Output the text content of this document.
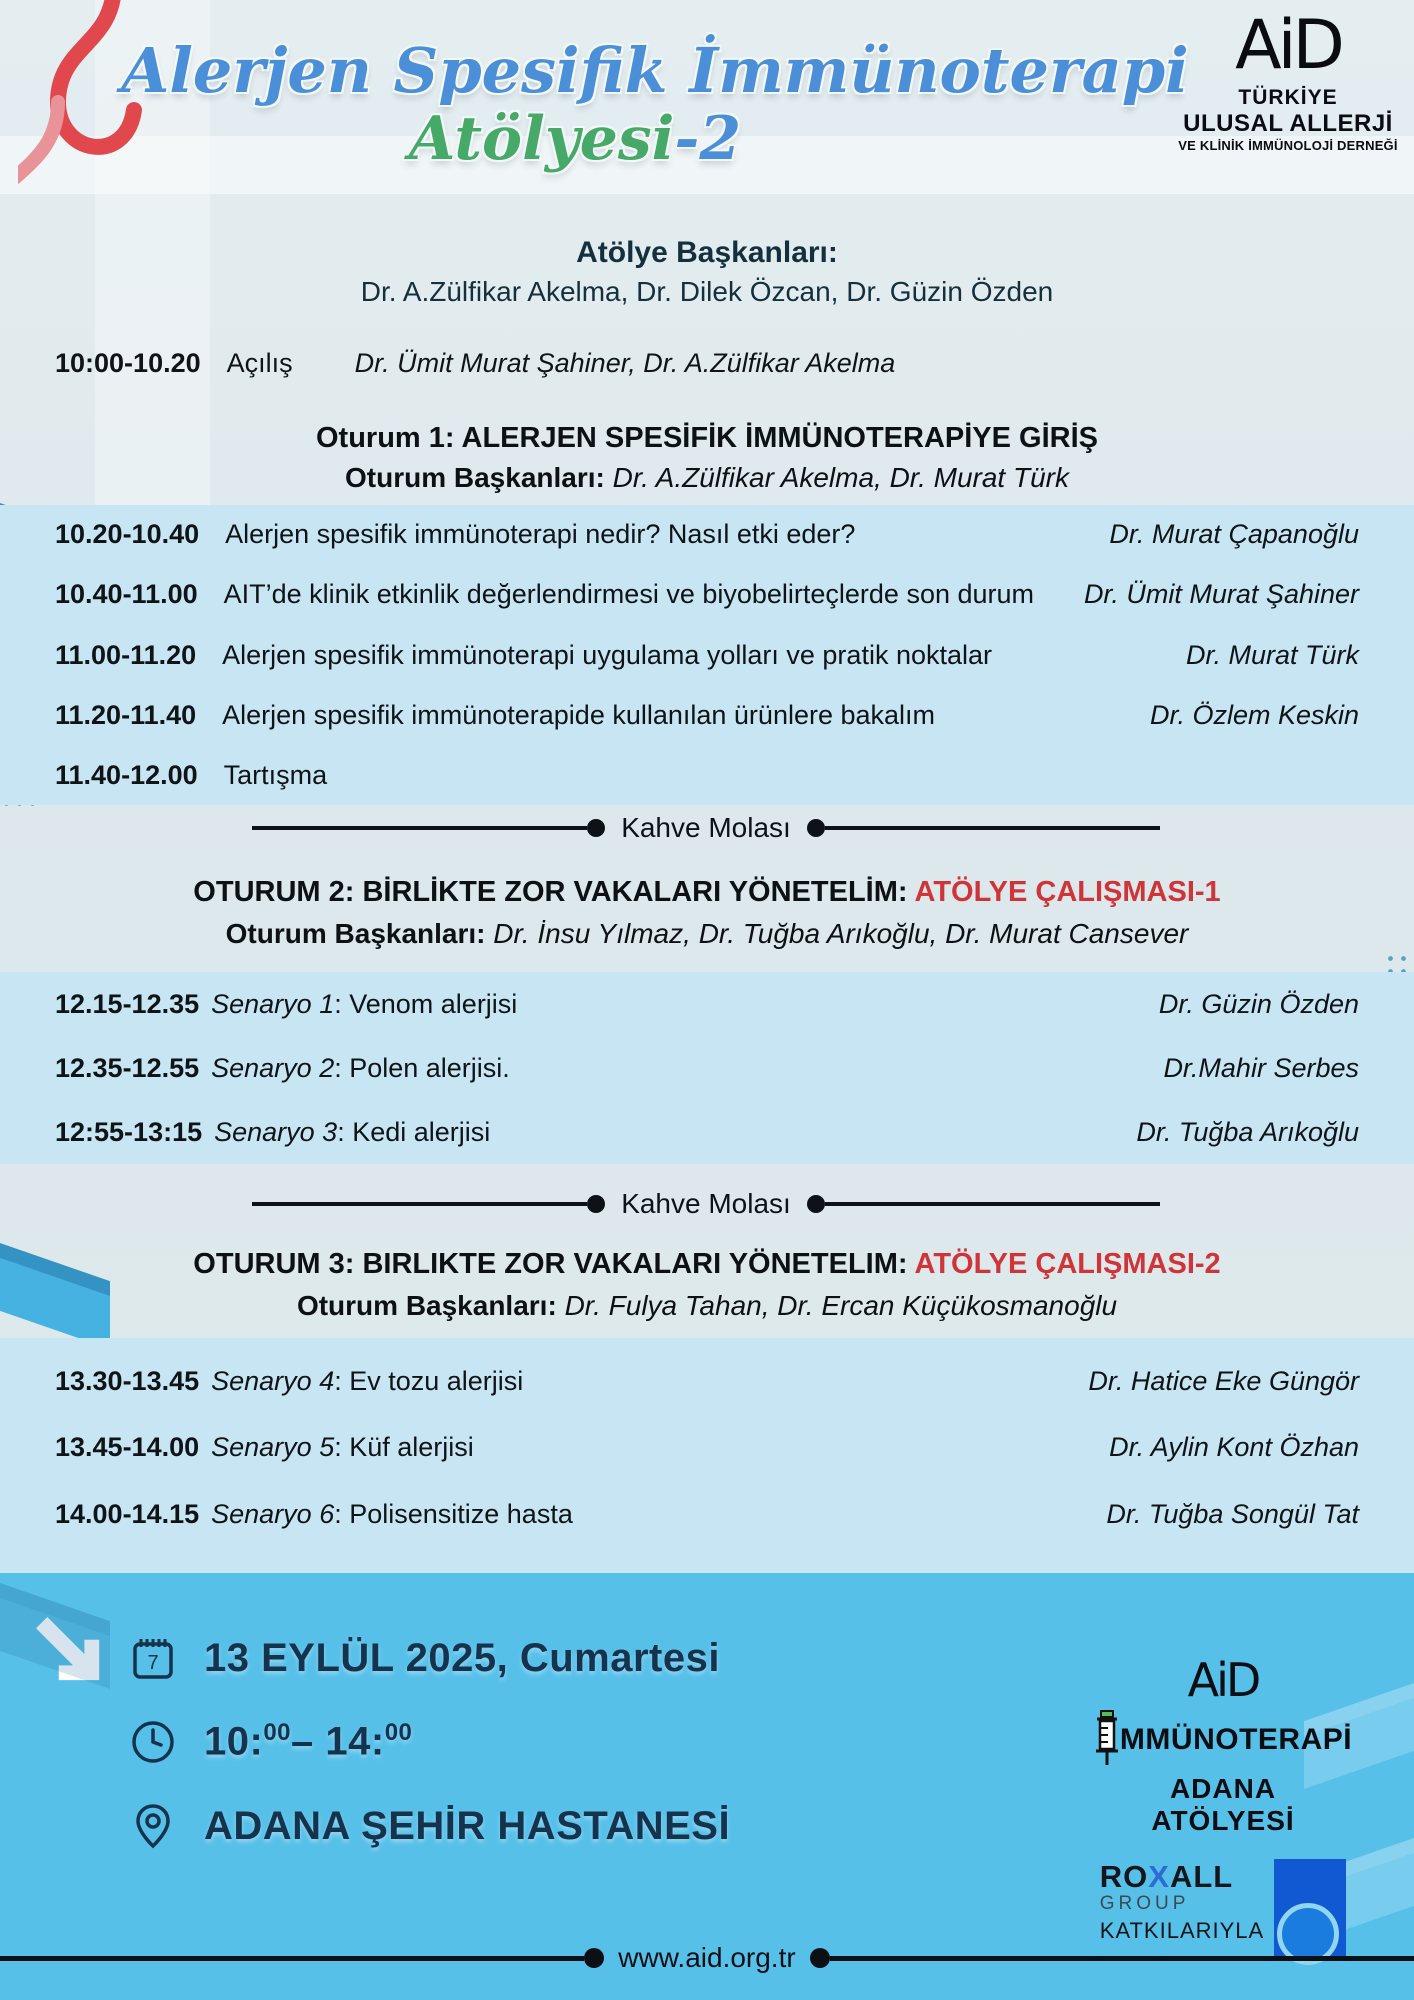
Alerjen Spesifik İmmünoterapi
Atölyesi-2
AiD
TÜRKİYE
ULUSAL ALLERJİ
VE KLİNİK İMMÜNOLOJİ DERNEĞİ
Atölye Başkanları:
Dr. A.Zülfikar Akelma, Dr. Dilek Özcan, Dr. Güzin Özden
10:00-10.20 Açılış Dr. Ümit Murat Şahiner, Dr. A.Zülfikar Akelma
Oturum 1: ALERJEN SPESİFİK İMMÜNOTERAPİYE GİRİŞ
Oturum Başkanları: Dr. A.Zülfikar Akelma, Dr. Murat Türk
10.20-10.40 Alerjen spesifik immünoterapi nedir? Nasıl etki eder?	Dr. Murat Çapanoğlu
10.40-11.00 AIT’de klinik etkinlik değerlendirmesi ve biyobelirteçlerde son durum Dr. Ümit Murat Şahiner
11.00-11.20 Alerjen spesifik immünoterapi uygulama yolları ve pratik noktalar	Dr. Murat Türk
11.20-11.40 Alerjen spesifik immünoterapide kullanılan ürünlere bakalım	Dr. Özlem Keskin
11.40-12.00 Tartışma
Kahve Molası
OTURUM 2: BİRLİKTE ZOR VAKALARI YÖNETELİM: ATÖLYE ÇALIŞMASI-1
Oturum Başkanları: Dr. İnsu Yılmaz, Dr. Tuğba Arıkoğlu, Dr. Murat Cansever
12.15-12.35 Senaryo 1 : Venom alerjisi	Dr. Güzin Özden
12.35-12.55 Senaryo 2 : Polen alerjisi.	Dr.Mahir Serbes
12:55-13:15 Senaryo 3 : Kedi alerjisi	Dr. Tuğba Arıkoğlu
Kahve Molası
OTURUM 3: BIRLIKTE ZOR VAKALARI YÖNETELIM: ATÖLYE ÇALIŞMASI-2
Oturum Başkanları: Dr. Fulya Tahan, Dr. Ercan Küçükosmanoğlu
13.30-13.45 Senaryo 4 : Ev tozu alerjisi	Dr. Hatice Eke Güngör
13.45-14.00 Senaryo 5 : Küf alerjisi	Dr. Aylin Kont Özhan
14.00-14.15 Senaryo 6 : Polisensitize hasta	Dr. Tuğba Songül Tat
7 13 EYLÜL 2025, Cumartesi
10:$^{00}$– 14:$^{00}$
ADANA ŞEHİR HASTANESİ
AiD
MMÜNOTERAPİ
ADANA
ATÖLYESİ
ROXALL
GROUP
KATKILARIYLA
www.aid.org.tr
